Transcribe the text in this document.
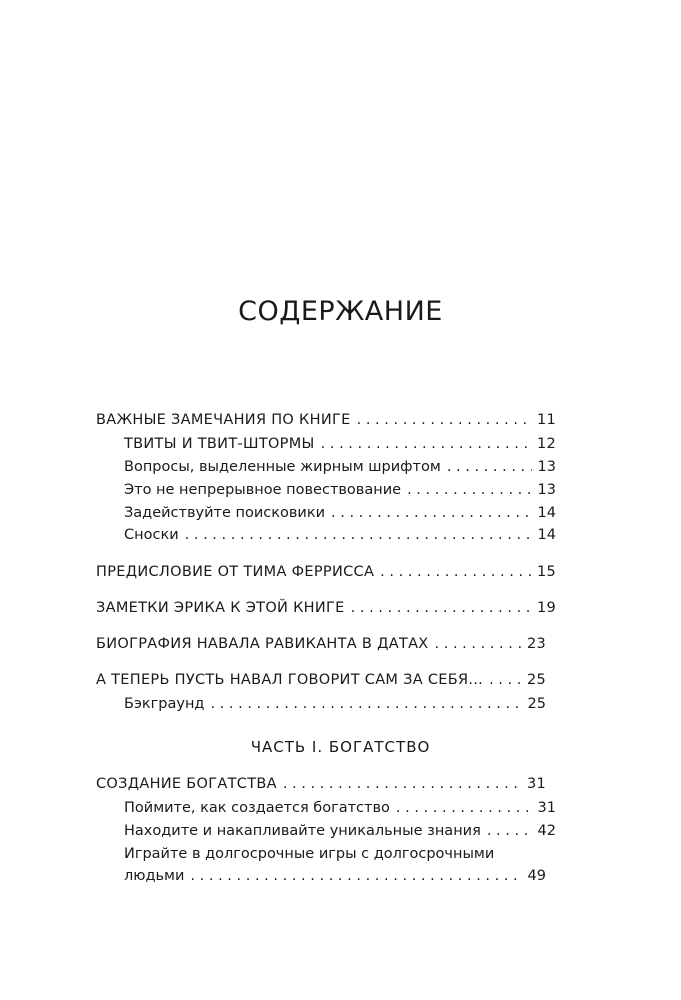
СОДЕРЖАНИЕ
ВАЖНЫЕ ЗАМЕЧАНИЯ ПО КНИГЕ . . .	11
ТВИТЫ И ТВИТ-ШТОРМЫ . . .	12
Вопросы, выделенные жирным шрифтом . . .	13
Это не непрерывное повествование . . .	13
Задействуйте поисковики . . .	14
Сноски . . .	14
ПРЕДИСЛОВИЕ ОТ ТИМА ФЕРРИССА . . .	15
ЗАМЕТКИ ЭРИКА К ЭТОЙ КНИГЕ . . .	19
БИОГРАФИЯ НАВАЛА РАВИКАНТА В ДАТАХ . . .	23
А ТЕПЕРЬ ПУСТЬ НАВАЛ ГОВОРИТ САМ ЗА СЕБЯ... . . .	25
Бэкграунд . . .	25
СОЗДАНИЕ БОГАТСТВА . . .	31
Поймите, как создается богатство . . .	31
Находите и накапливайте уникальные знания . . .	42
Играйте в долгосрочные игры с долгосрочными
людьми . . .	49
ЧАСТЬ I. БОГАТСТВО
